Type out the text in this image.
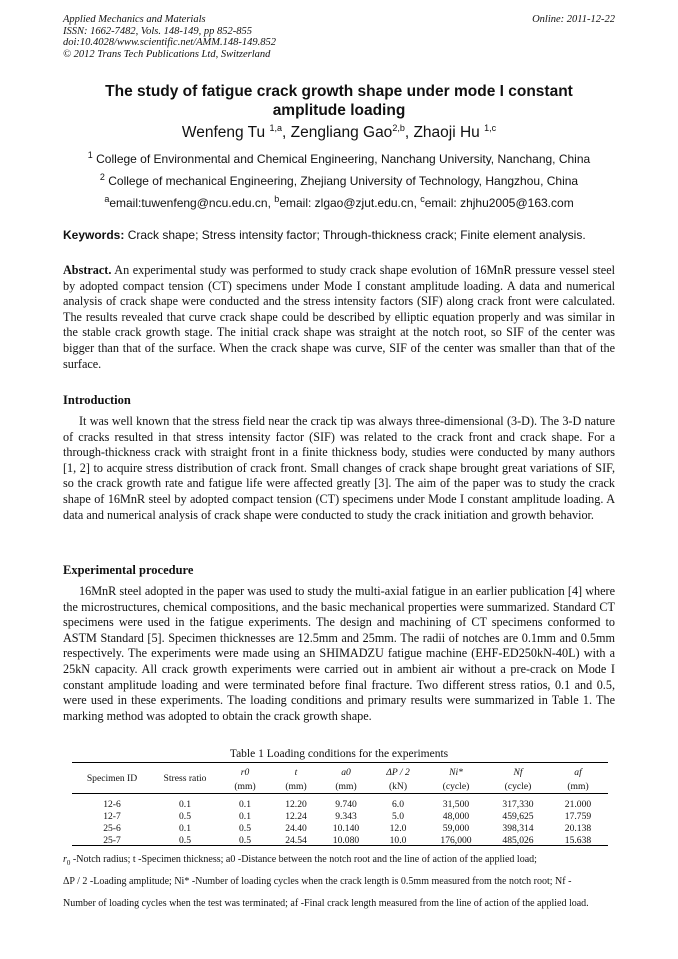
Applied Mechanics and Materials
ISSN: 1662-7482, Vols. 148-149, pp 852-855
doi:10.4028/www.scientific.net/AMM.148-149.852
© 2012 Trans Tech Publications Ltd, Switzerland
Online: 2011-12-22
The study of fatigue crack growth shape under mode I constant
amplitude loading
Wenfeng Tu $^{1,a}$, Zengliang Gao$^{2,b}$, Zhaoji Hu $^{1,c}$
$^1$ College of Environmental and Chemical Engineering, Nanchang University, Nanchang, China
$^2$ College of mechanical Engineering, Zhejiang University of Technology, Hangzhou, China
$^a$email:tuwenfeng@ncu.edu.cn, $^b$email: zlgao@zjut.edu.cn, $^c$email: zhjhu2005@163.com
Keywords: Crack shape; Stress intensity factor; Through-thickness crack; Finite element analysis.
Abstract. An experimental study was performed to study crack shape evolution of 16MnR pressure vessel steel by adopted compact tension (CT) specimens under Mode I constant amplitude loading. A data and numerical analysis of crack shape were conducted and the stress intensity factors (SIF) along crack front were calculated. The results revealed that curve crack shape could be described by elliptic equation properly and was similar in the stable crack growth stage. The initial crack shape was straight at the notch root, so SIF of the center was bigger than that of the surface. When the crack shape was curve, SIF of the center was smaller than that of the surface.
Introduction
It was well known that the stress field near the crack tip was always three-dimensional (3-D). The 3-D nature of cracks resulted in that stress intensity factor (SIF) was related to the crack front and crack shape. For a through-thickness crack with straight front in a finite thickness body, studies were conducted by many authors [1, 2] to acquire stress distribution of crack front. Small changes of crack shape brought great variations of SIF, so the crack growth rate and fatigue life were affected greatly [3]. The aim of the paper was to study the crack shape of 16MnR steel by adopted compact tension (CT) specimens under Mode I constant amplitude loading. A data and numerical analysis of crack shape were conducted to study the crack initiation and growth behavior.
Experimental procedure
16MnR steel adopted in the paper was used to study the multi-axial fatigue in an earlier publication [4] where the microstructures, chemical compositions, and the basic mechanical properties were summarized. Standard CT specimens were used in the fatigue experiments. The design and machining of CT specimens conformed to ASTM Standard [5]. Specimen thicknesses are 12.5mm and 25mm. The radii of notches are 0.1mm and 0.5mm respectively. The experiments were made using an SHIMADZU fatigue machine (EHF-ED250kN-40L) with a 25kN capacity. All crack growth experiments were carried out in ambient air without a pre-crack on Mode I constant amplitude loading and were terminated before final fracture. Two different stress ratios, 0.1 and 0.5, were used in these experiments. The loading conditions and primary results were summarized in Table 1. The marking method was adopted to obtain the crack growth shape.
Table 1 Loading conditions for the experiments
Specimen ID	Stress ratio	r0	t	a0	ΔP / 2	Ni*	Nf	af
		(mm)	(mm)	(mm)	(kN)	(cycle)	(cycle)	(mm)

12-6	0.1	0.1	12.20	9.740	6.0	31,500	317,330	21.000
12-7	0.5	0.1	12.24	9.343	5.0	48,000	459,625	17.759
25-6	0.1	0.5	24.40	10.140	12.0	59,000	398,314	20.138
25-7	0.5	0.5	24.54	10.080	10.0	176,000	485,026	15.638
$r_0$ -Notch radius; t -Specimen thickness; a0 -Distance between the notch root and the line of action of the applied load;
ΔP / 2 -Loading amplitude; Ni* -Number of loading cycles when the crack length is 0.5mm measured from the notch root; Nf -
Number of loading cycles when the test was terminated; af -Final crack length measured from the line of action of the applied load.
